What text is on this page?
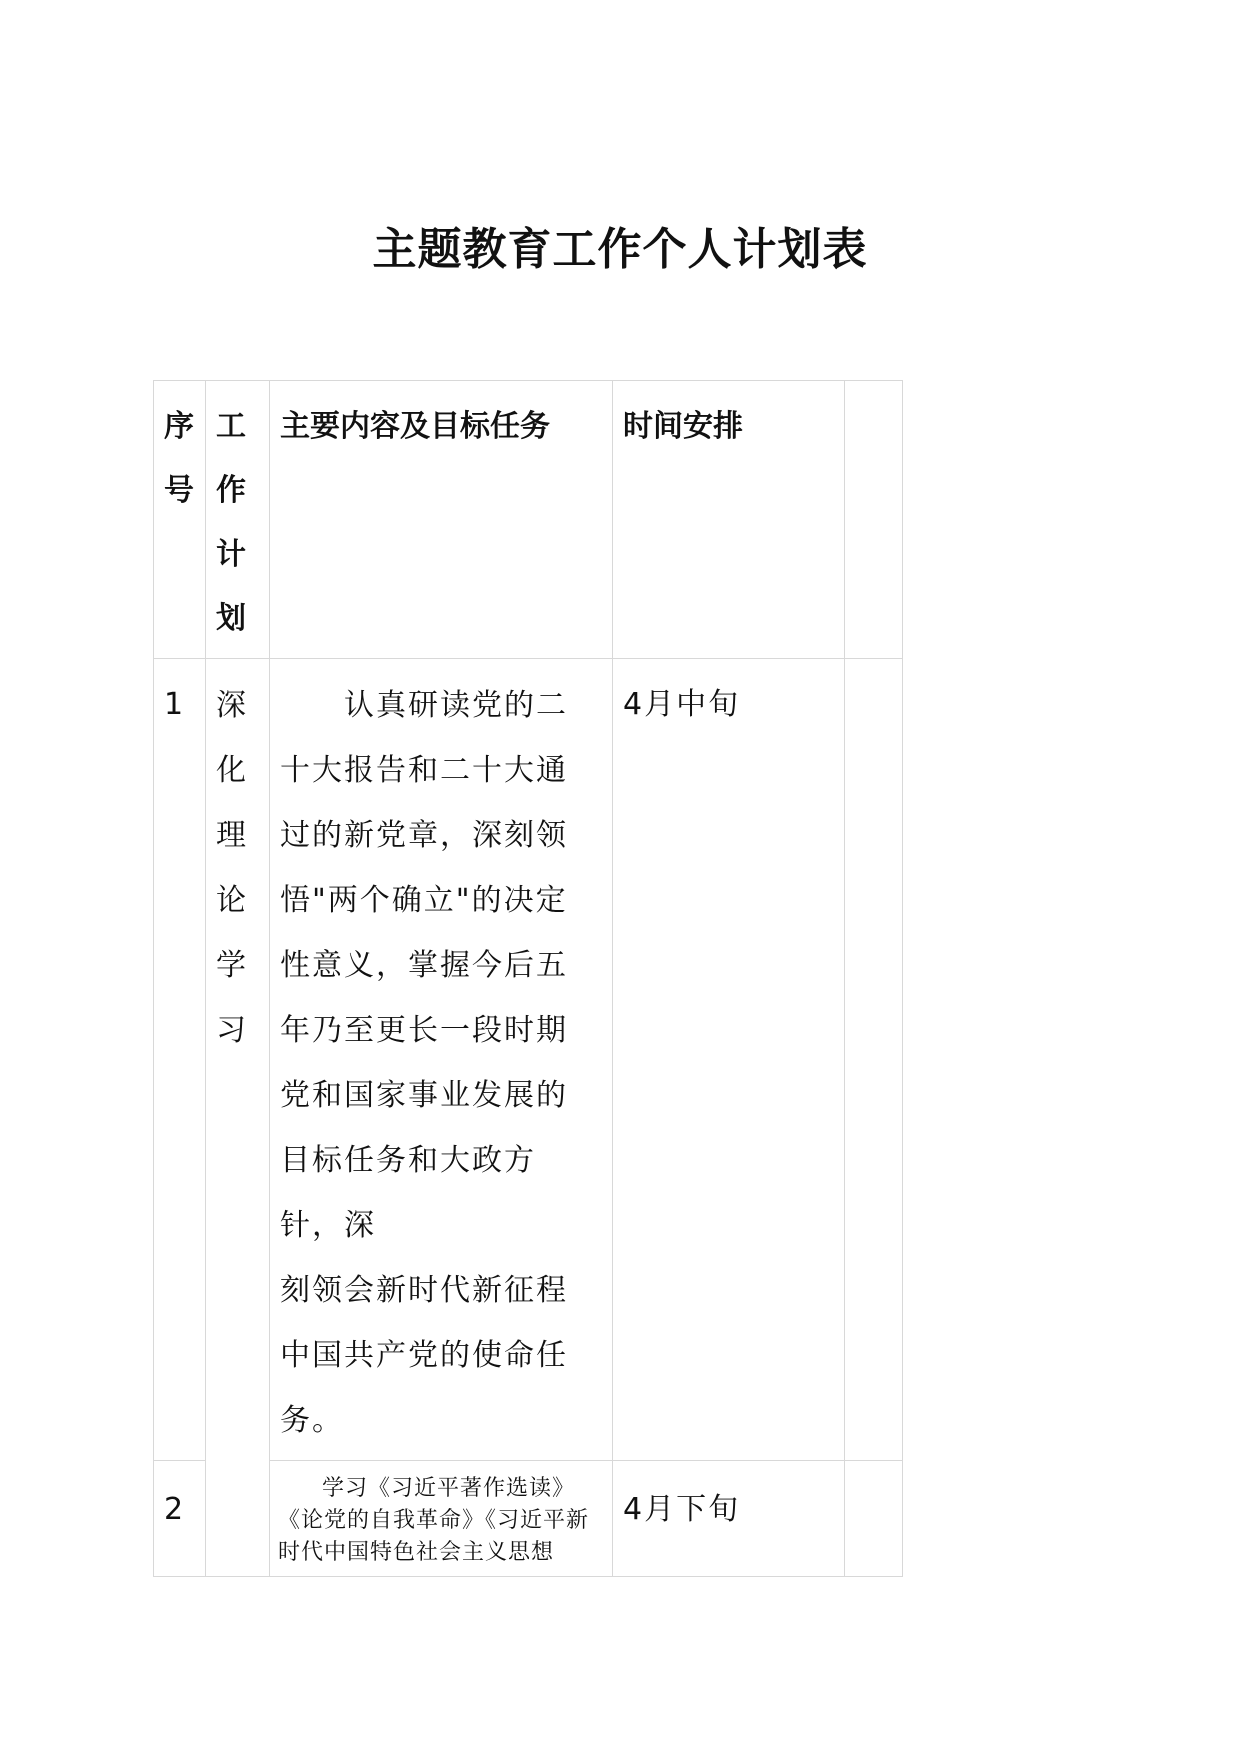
主题教育工作个人计划表
序号	工作计划	主要内容及目标任务	时间安排	

1	深化理论学习	认真研读党的二十大报告和二十大通过的新党章，深刻领悟"两个确立"的决定性意义，掌握今后五年乃至更长一段时期党和国家事业发展的目标任务和大政方
针，深
刻领会新时代新征程中国共产党的使命任务。	4月中旬	

2		学习《习近平著作选读》《论党的自我革命》《习近平新时代中国特色社会主义思想	4月下旬	
